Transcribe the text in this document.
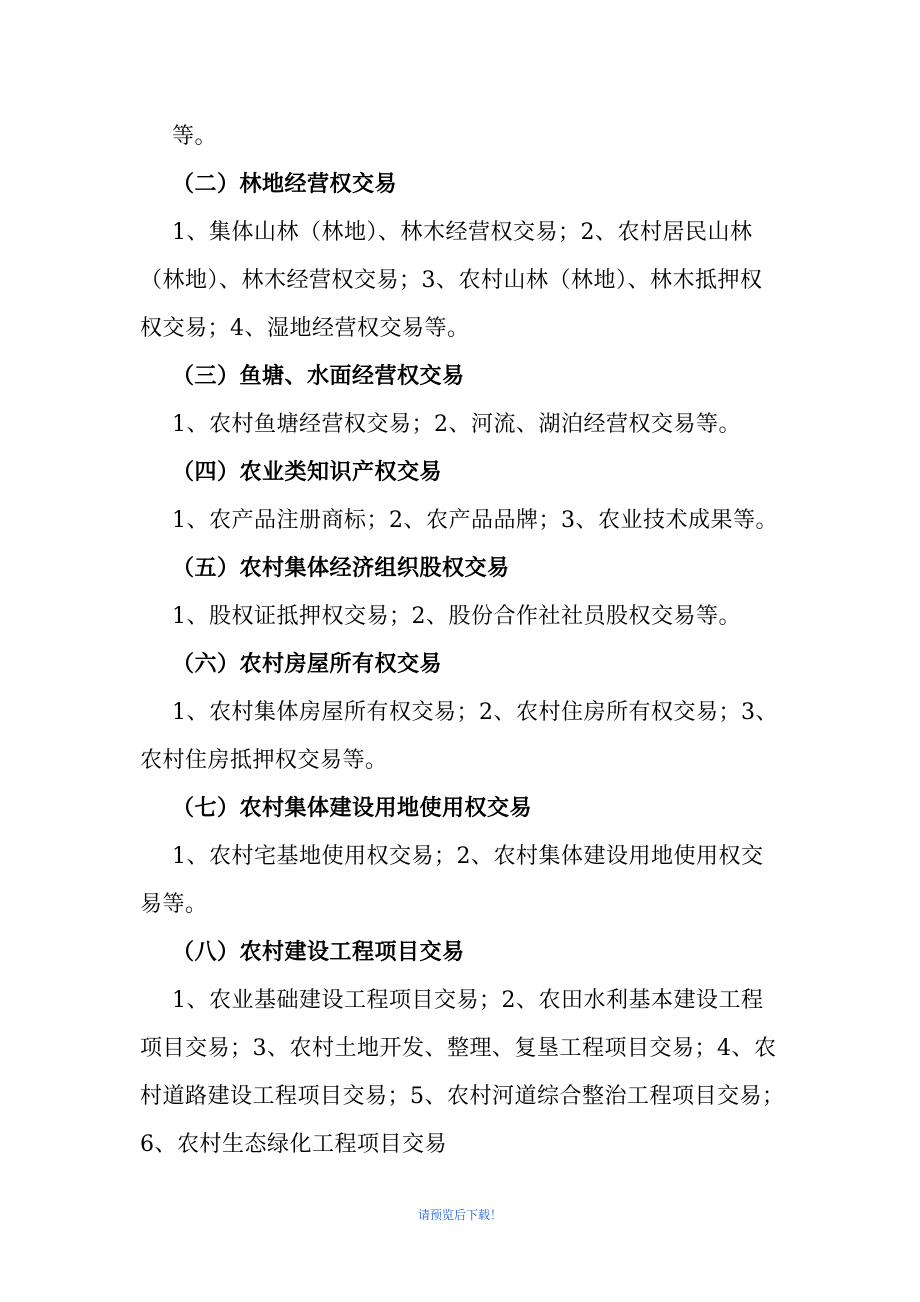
等。
（二）林地经营权交易
1、集体山林（林地）、林木经营权交易；2、农村居民山林
（林地）、林木经营权交易；3、农村山林（林地）、林木抵押权
权交易；4、湿地经营权交易等。
（三）鱼塘、水面经营权交易
1、农村鱼塘经营权交易；2、河流、湖泊经营权交易等。
（四）农业类知识产权交易
1、农产品注册商标；2、农产品品牌；3、农业技术成果等。
（五）农村集体经济组织股权交易
1、股权证抵押权交易；2、股份合作社社员股权交易等。
（六）农村房屋所有权交易
1、农村集体房屋所有权交易；2、农村住房所有权交易；3、
农村住房抵押权交易等。
（七）农村集体建设用地使用权交易
1、农村宅基地使用权交易；2、农村集体建设用地使用权交
易等。
（八）农村建设工程项目交易
1、农业基础建设工程项目交易；2、农田水利基本建设工程
项目交易；3、农村土地开发、整理、复垦工程项目交易；4、农
村道路建设工程项目交易；5、农村河道综合整治工程项目交易；
6、农村生态绿化工程项目交易
请预览后下载！
